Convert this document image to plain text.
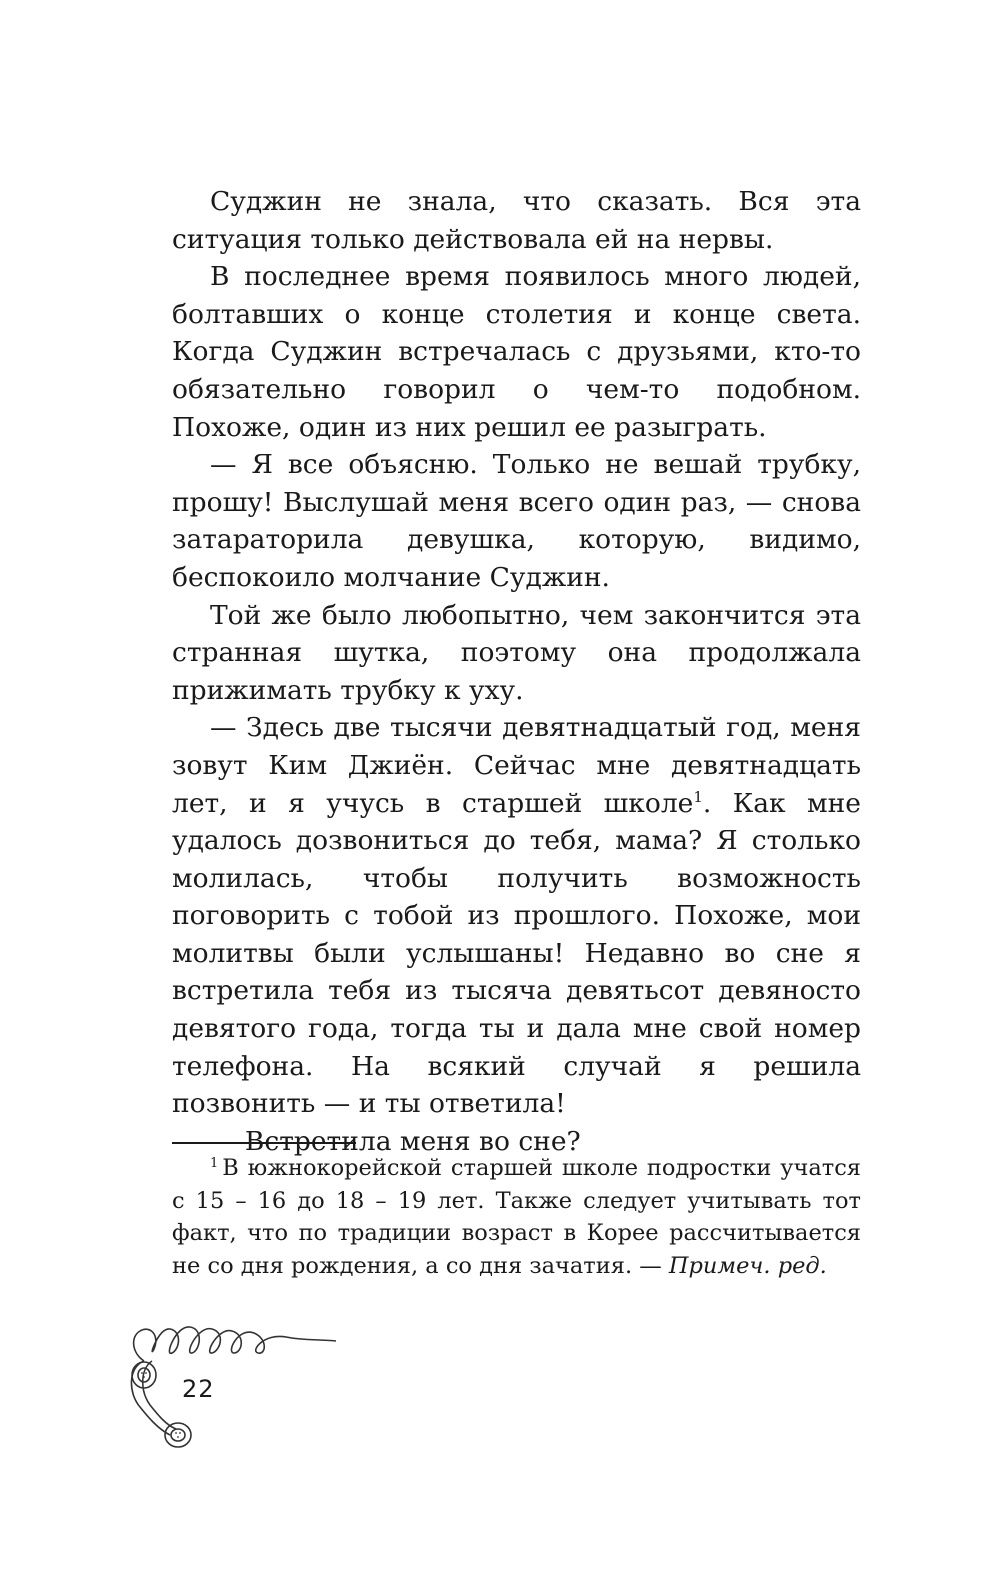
Суджин не знала, что сказать. Вся эта ситуация только действовала ей на нервы.

В последнее время появилось много людей, болтавших о конце столетия и конце света. Когда Суджин встречалась с друзьями, кто-то обязательно говорил о чем-то подобном. Похоже, один из них решил ее разыграть.

— Я все объясню. Только не вешай трубку, прошу! Выслушай меня всего один раз, — снова затараторила девушка, которую, видимо, беспокоило молчание Суджин.

Той же было любопытно, чем закончится эта странная шутка, поэтому она продолжала прижимать трубку к уху.

— Здесь две тысячи девятнадцатый год, меня зовут Ким Джиён. Сейчас мне девятнадцать лет, и я учусь в старшей школе$^1$. Как мне удалось дозвониться до тебя, мама? Я столько молилась, чтобы получить возможность поговорить с тобой из прошлого. Похоже, мои молитвы были услышаны! Недавно во сне я встретила тебя из тысяча девятьсот девяносто девятого года, тогда ты и дала мне свой номер телефона. На всякий случай я решила позвонить — и ты ответила!

— Встретила меня во сне?

$^1$ В южнокорейской старшей школе подростки учатся с 15 – 16 до 18 – 19 лет. Также следует учитывать тот факт, что по традиции возраст в Корее рассчитывается не со дня рождения, а со дня зачатия. — Примеч. ред.

22
